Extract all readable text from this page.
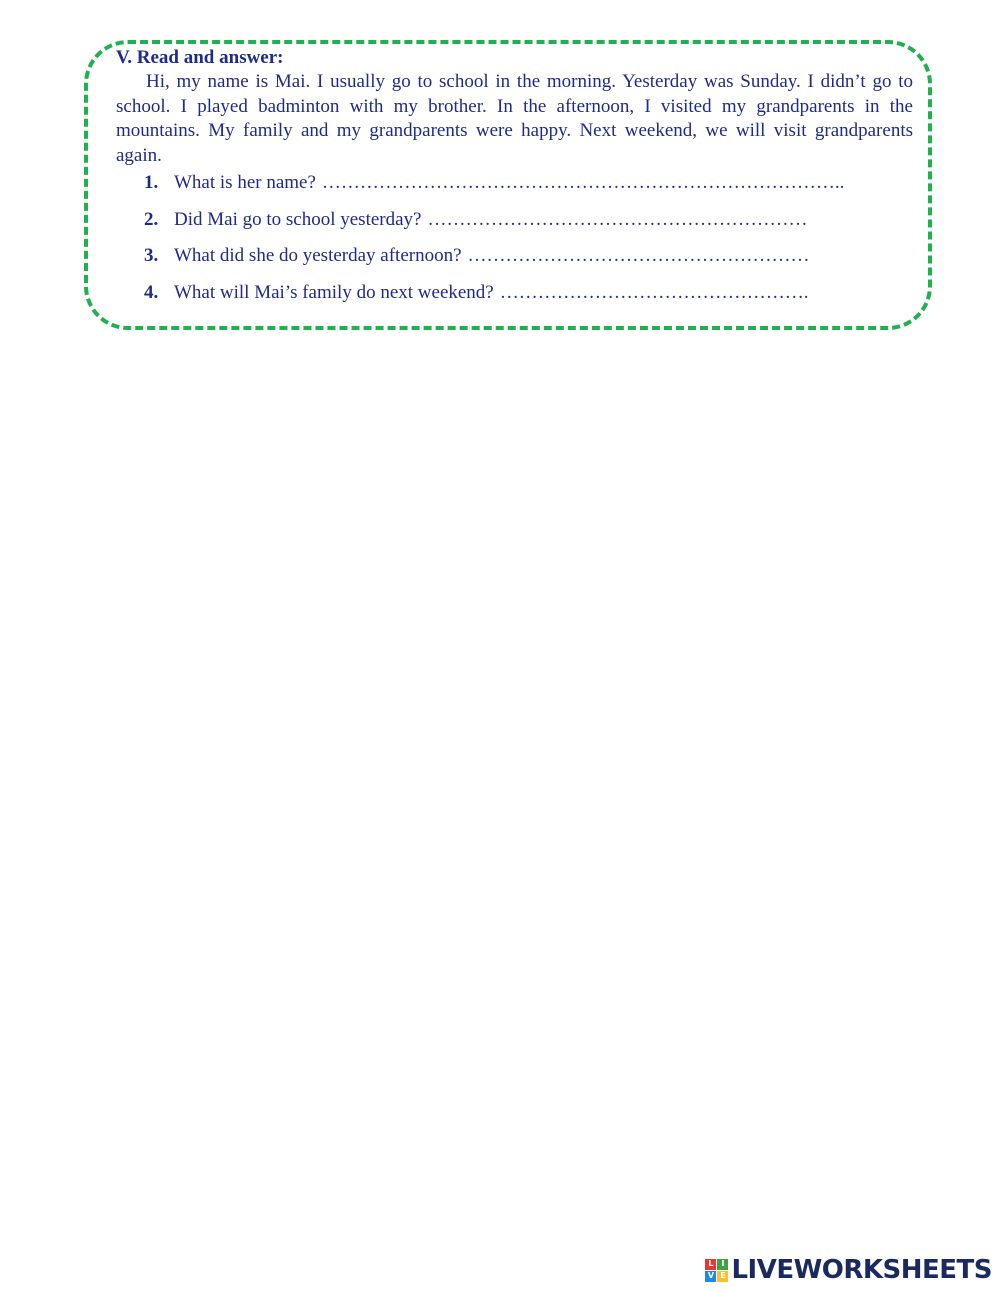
V. Read and answer:

Hi, my name is Mai. I usually go to school in the morning. Yesterday was Sunday. I didn’t go to school. I played badminton with my brother. In the afternoon, I visited my grandparents in the mountains. My family and my grandparents were happy. Next weekend, we will visit grandparents again.

1. What is her name? ………………………………………………………………………..
2. Did Mai go to school yesterday? ……………………………………………………
3. What did she do yesterday afternoon? ………………………………………………
4. What will Mai’s family do next weekend? ………………………………………….
L I
V E LIVEWORKSHEETS
